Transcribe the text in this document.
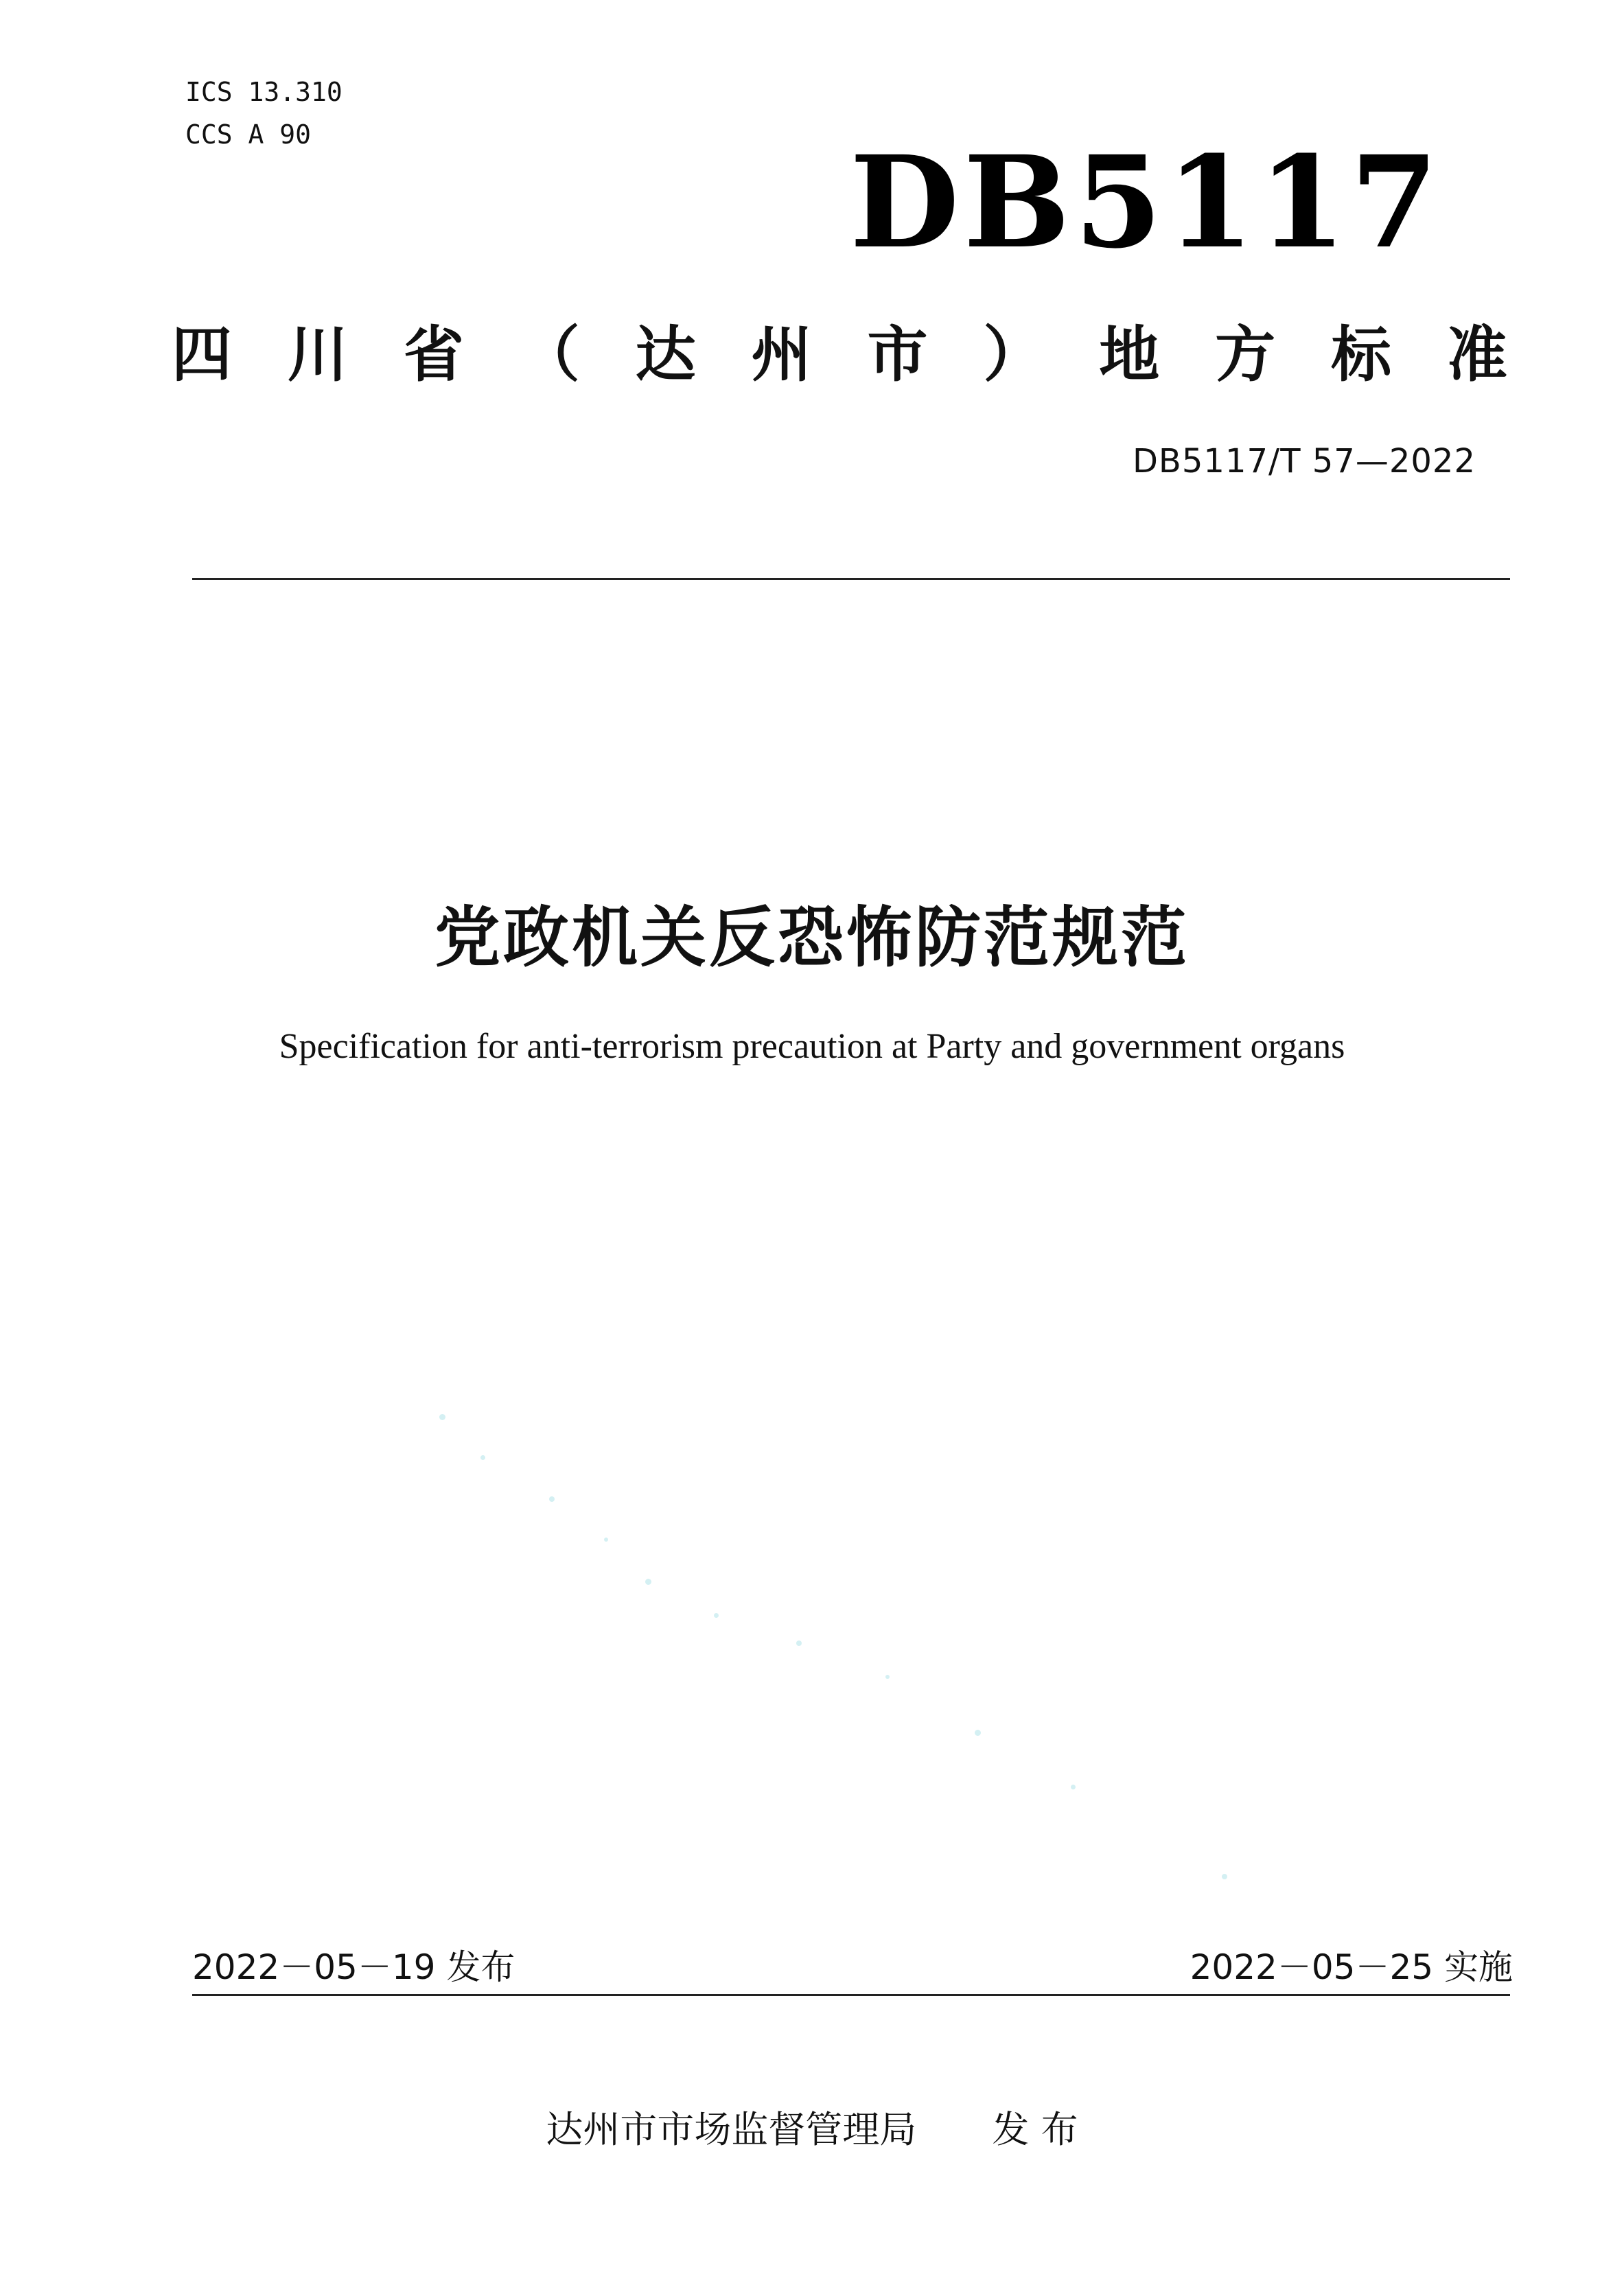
ICS 13.310
CCS A 90	DB5117
四 川 省 （ 达 州 市 ） 地 方 标 准
DB5117/T 57—2022
党政机关反恐怖防范规范
Specification for anti-terrorism precaution at Party and government organs
2022－05－19 发布	2022－05－25 实施
达州市市场监督管理局 发 布
